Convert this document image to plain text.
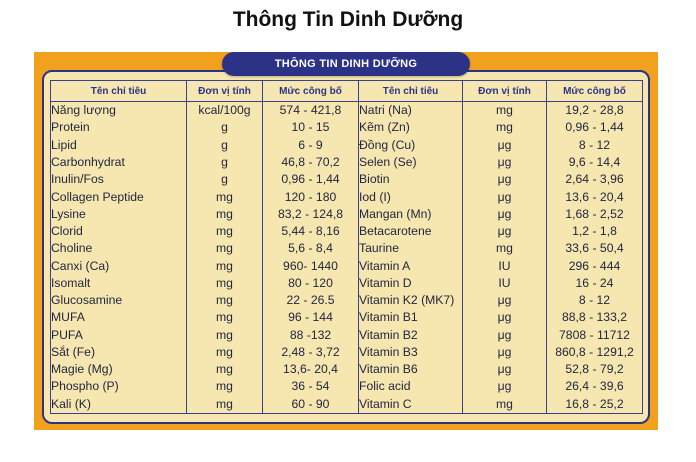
Thông Tin Dinh Dưỡng
THÔNG TIN DINH DƯỠNG
Tên chỉ tiêu	Đơn vị tính	Mức công bố	Tên chỉ tiêu	Đơn vị tính	Mức công bố
Năng lượng	kcal/100g	574 - 421,8	Natri (Na)	mg	19,2 - 28,8
Protein	g	10 - 15	Kẽm (Zn)	mg	0,96 - 1,44
Lipid	g	6 - 9	Đồng (Cu)	μg	8 - 12
Carbonhydrat	g	46,8 - 70,2	Selen (Se)	μg	9,6 - 14,4
Inulin/Fos	g	0,96 - 1,44	Biotin	μg	2,64 - 3,96
Collagen Peptide	mg	120 - 180	Iod (I)	μg	13,6 - 20,4
Lysine	mg	83,2 - 124,8	Mangan (Mn)	μg	1,68 - 2,52
Clorid	mg	5,44 - 8,16	Betacarotene	μg	1,2 - 1,8
Choline	mg	5,6 - 8,4	Taurine	mg	33,6 - 50,4
Canxi (Ca)	mg	960- 1440	Vitamin A	IU	296 - 444
Isomalt	mg	80 - 120	Vitamin D	IU	16 - 24
Glucosamine	mg	22 - 26.5	Vitamin K2 (MK7)	μg	8 - 12
MUFA	mg	96 - 144	Vitamin B1	μg	88,8 - 133,2
PUFA	mg	88 -132	Vitamin B2	μg	7808 - 11712
Sắt (Fe)	mg	2,48 - 3,72	Vitamin B3	μg	860,8 - 1291,2
Magie (Mg)	mg	13,6- 20,4	Vitamin B6	μg	52,8 - 79,2
Phospho (P)	mg	36 - 54	Folic acid	μg	26,4 - 39,6
Kali (K)	mg	60 - 90	Vitamin C	mg	16,8 - 25,2
